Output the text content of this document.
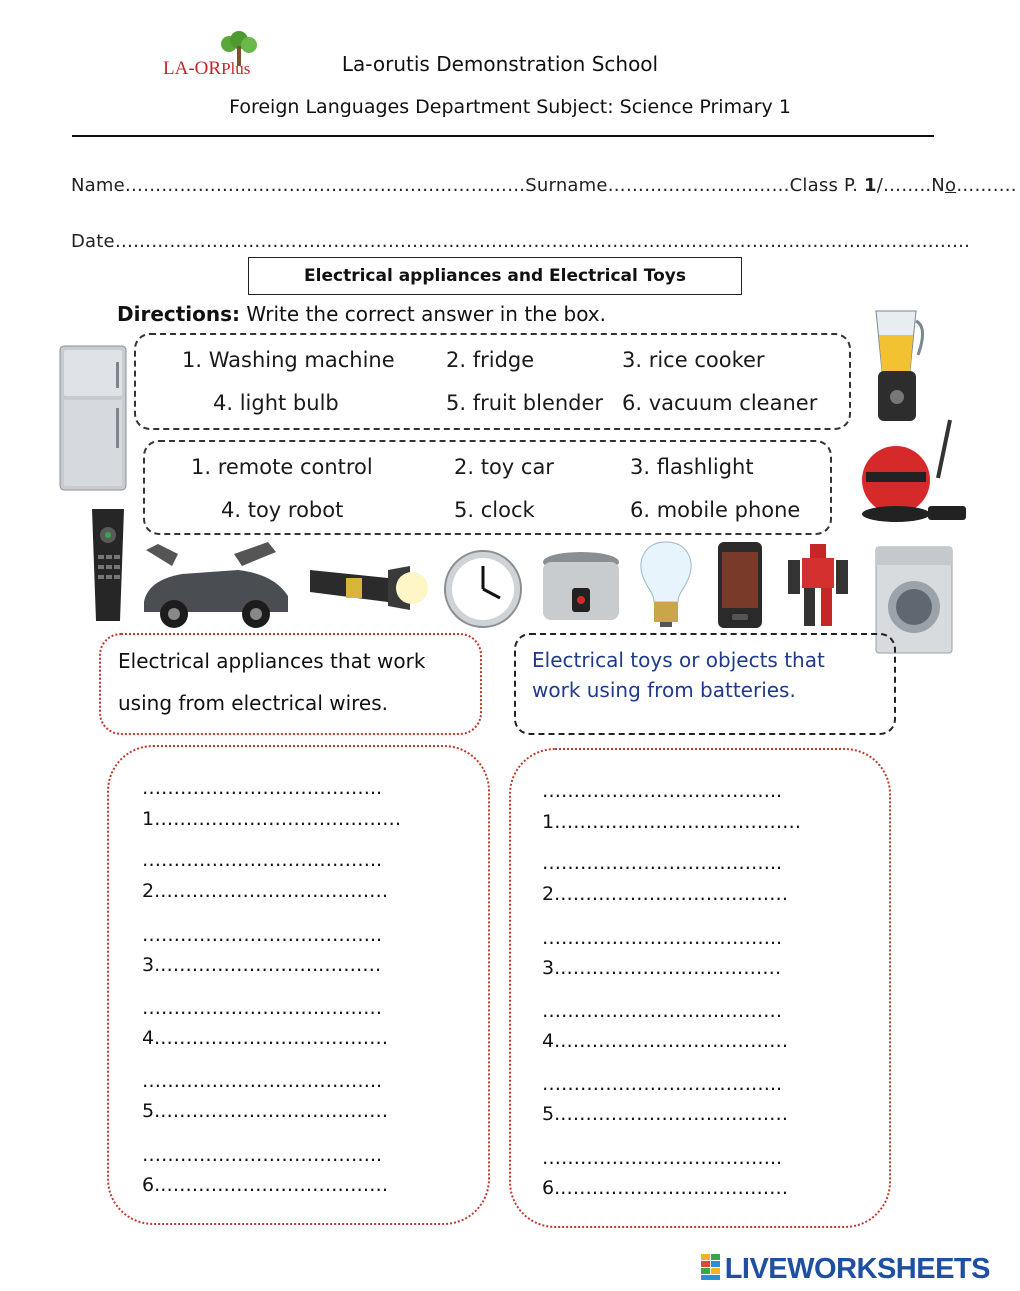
LA-ORPlus	La-orutis Demonstration School
Foreign Languages Department Subject: Science Primary 1
Name…………………………………………………………Surname…………………………Class P. 1/……..No……….
Date……………………………………………………………………………………………………………………………
Electrical appliances and Electrical Toys
Directions: Write the correct answer in the box.
1. Washing machine 2. fridge	3. rice cooker
4. light bulb	5. fruit blender 6. vacuum cleaner
1. remote control	2. toy car	3. flashlight
4. toy robot	5. clock	6. mobile phone
Electrical appliances that work
using from electrical wires.
Electrical toys or objects that
work using from batteries.
………………………………..
1…………………………………
………………………………..
2.………………………………
………………………………..
3.……………………..………
………………………..………
4.………………………………
………………………………..
5.………………………………
………………………………..
6.………………………………
………………………………..
1…………………………………
………………………………..
2.………………………………
………………………………..
3.……………………..………
………………………..………
4.………………………………
………………………………..
5.………………………………
………………………………..
6.………………………………
LIVEWORKSHEETS
